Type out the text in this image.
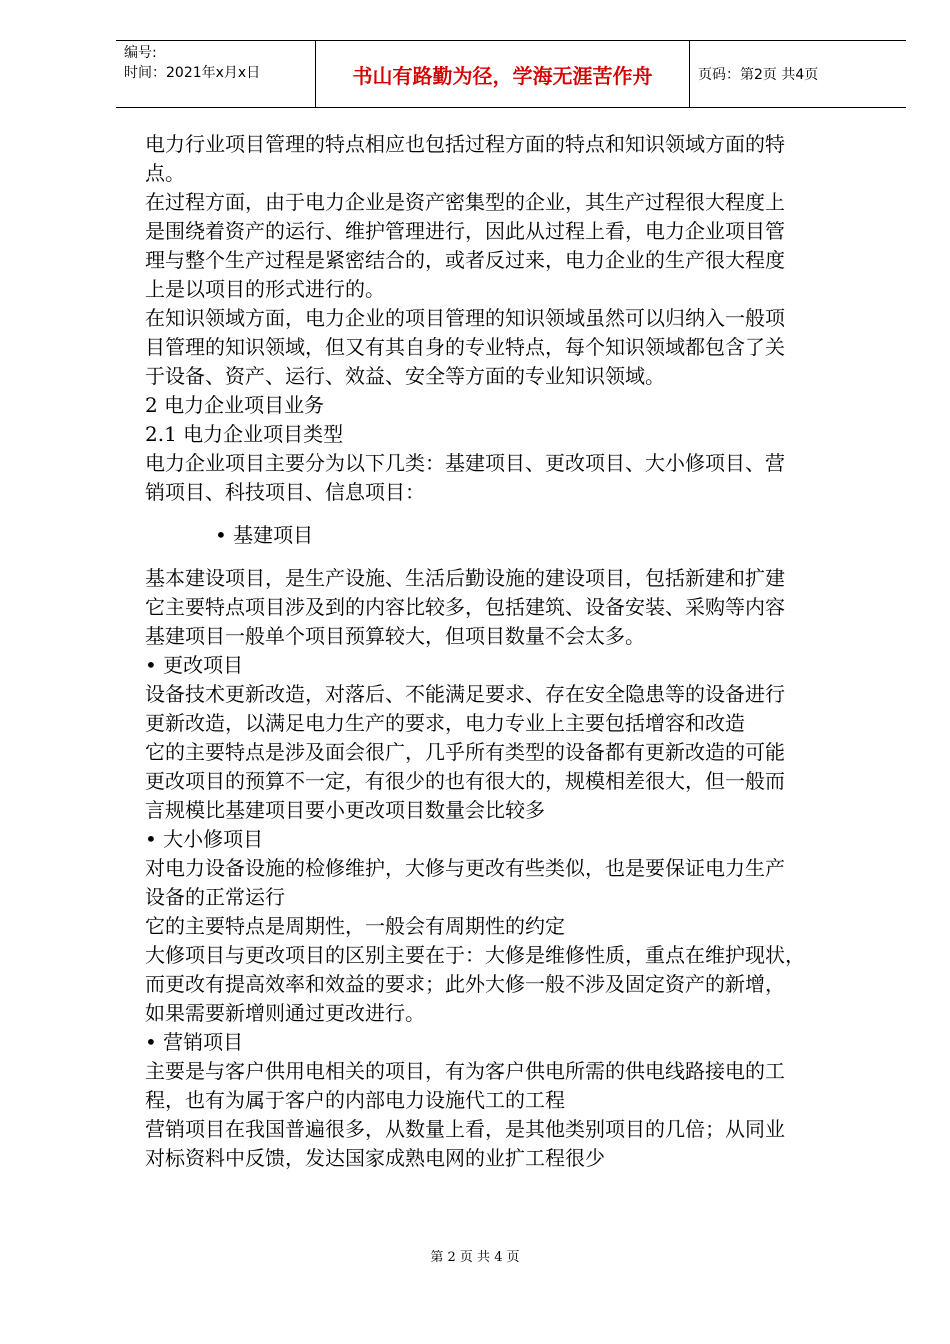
编号:
时间：2021年x月x日	书山有路勤为径，学海无涯苦作舟	页码：第2页 共4页
电力行业项目管理的特点相应也包括过程方面的特点和知识领域方面的特
点。
在过程方面，由于电力企业是资产密集型的企业，其生产过程很大程度上
是围绕着资产的运行、维护管理进行，因此从过程上看，电力企业项目管
理与整个生产过程是紧密结合的，或者反过来，电力企业的生产很大程度
上是以项目的形式进行的。
在知识领域方面，电力企业的项目管理的知识领域虽然可以归纳入一般项
目管理的知识领域，但又有其自身的专业特点，每个知识领域都包含了关
于设备、资产、运行、效益、安全等方面的专业知识领域。
2 电力企业项目业务
2.1 电力企业项目类型
电力企业项目主要分为以下几类：基建项目、更改项目、大小修项目、营
销项目、科技项目、信息项目：
• 基建项目
基本建设项目，是生产设施、生活后勤设施的建设项目，包括新建和扩建
它主要特点项目涉及到的内容比较多，包括建筑、设备安装、采购等内容
基建项目一般单个项目预算较大，但项目数量不会太多。
• 更改项目
设备技术更新改造，对落后、不能满足要求、存在安全隐患等的设备进行
更新改造，以满足电力生产的要求，电力专业上主要包括增容和改造
它的主要特点是涉及面会很广，几乎所有类型的设备都有更新改造的可能
更改项目的预算不一定，有很少的也有很大的，规模相差很大，但一般而
言规模比基建项目要小更改项目数量会比较多
• 大小修项目
对电力设备设施的检修维护，大修与更改有些类似，也是要保证电力生产
设备的正常运行
它的主要特点是周期性，一般会有周期性的约定
大修项目与更改项目的区别主要在于：大修是维修性质，重点在维护现状，
而更改有提高效率和效益的要求；此外大修一般不涉及固定资产的新增，
如果需要新增则通过更改进行。
• 营销项目
主要是与客户供用电相关的项目，有为客户供电所需的供电线路接电的工
程，也有为属于客户的内部电力设施代工的工程
营销项目在我国普遍很多，从数量上看，是其他类别项目的几倍；从同业
对标资料中反馈，发达国家成熟电网的业扩工程很少
第 2 页 共 4 页
